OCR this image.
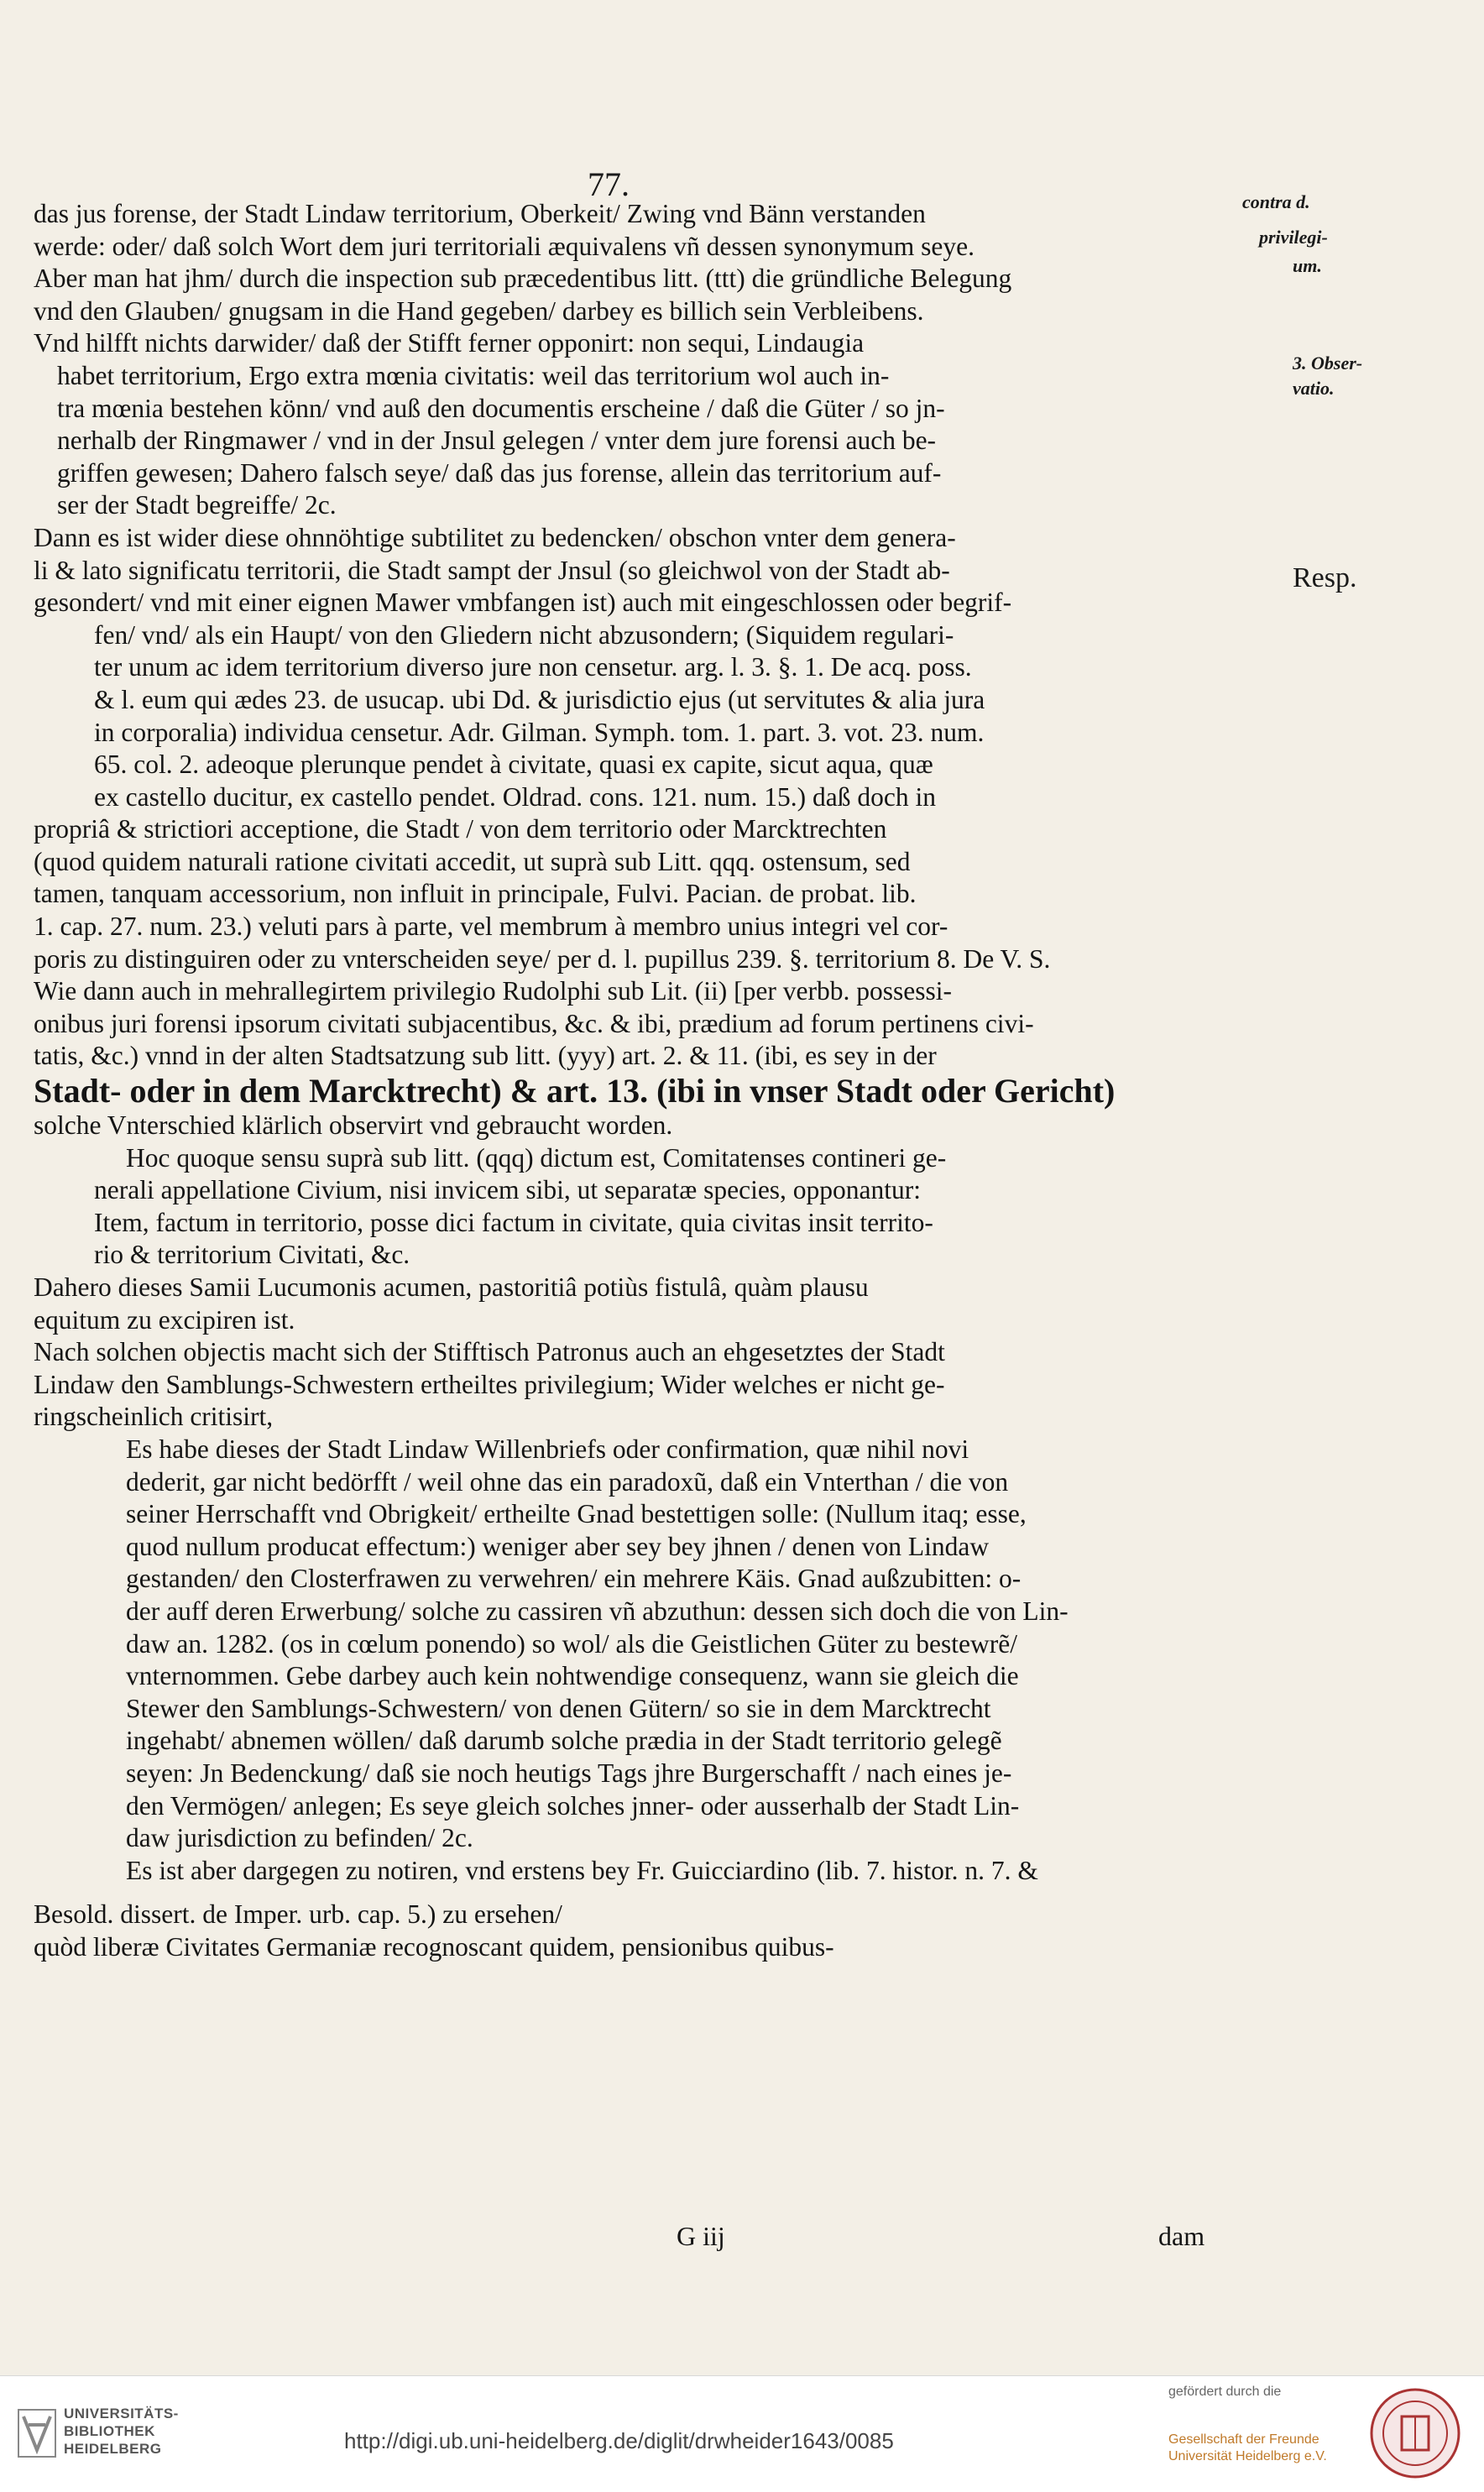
77.	contra d.
privilegi-
um.
3. Obser-
vatio.
Resp.
das jus forense, der Stadt Lindaw territorium, Oberkeit/ Zwing vnd Bänn verstanden
werde: oder/ daß solch Wort dem juri territoriali æquivalens vñ dessen synonymum seye.
Aber man hat jhm/ durch die inspection sub præcedentibus litt. (ttt) die gründliche Belegung
vnd den Glauben/ gnugsam in die Hand gegeben/ darbey es billich sein Verbleibens.
Vnd hilfft nichts darwider/ daß der Stifft ferner opponirt: non sequi, Lindaugia
habet territorium, Ergo extra mœnia civitatis: weil das territorium wol auch in-
tra mœnia bestehen könn/ vnd auß den documentis erscheine / daß die Güter / so jn-
nerhalb der Ringmawer / vnd in der Jnsul gelegen / vnter dem jure forensi auch be-
griffen gewesen; Dahero falsch seye/ daß das jus forense, allein das territorium auf-
ser der Stadt begreiffe/ 2c.
Dann es ist wider diese ohnnöhtige subtilitet zu bedencken/ obschon vnter dem genera-
li & lato significatu territorii, die Stadt sampt der Jnsul (so gleichwol von der Stadt ab-
gesondert/ vnd mit einer eignen Mawer vmbfangen ist) auch mit eingeschlossen oder begrif-
fen/ vnd/ als ein Haupt/ von den Gliedern nicht abzusondern; (Siquidem regulari-
ter unum ac idem territorium diverso jure non censetur. arg. l. 3. §. 1. De acq. poss.
& l. eum qui ædes 23. de usucap. ubi Dd. & jurisdictio ejus (ut servitutes & alia jura
in corporalia) individua censetur. Adr. Gilman. Symph. tom. 1. part. 3. vot. 23. num.
65. col. 2. adeoque plerunque pendet à civitate, quasi ex capite, sicut aqua, quæ
ex castello ducitur, ex castello pendet. Oldrad. cons. 121. num. 15.) daß doch in
propriâ & strictiori acceptione, die Stadt / von dem territorio oder Marcktrechten
(quod quidem naturali ratione civitati accedit, ut suprà sub Litt. qqq. ostensum, sed
tamen, tanquam accessorium, non influit in principale, Fulvi. Pacian. de probat. lib.
1. cap. 27. num. 23.) veluti pars à parte, vel membrum à membro unius integri vel cor-
poris zu distinguiren oder zu vnterscheiden seye/ per d. l. pupillus 239. §. territorium 8. De V. S.
Wie dann auch in mehrallegirtem privilegio Rudolphi sub Lit. (ii) [per verbb. possessi-
onibus juri forensi ipsorum civitati subjacentibus, &c. & ibi, prædium ad forum pertinens civi-
tatis, &c.) vnnd in der alten Stadtsatzung sub litt. (yyy) art. 2. & 11. (ibi, es sey in der
Stadt- oder in dem Marcktrecht) & art. 13. (ibi in vnser Stadt oder Gericht)
solche Vnterschied klärlich observirt vnd gebraucht worden.
Hoc quoque sensu suprà sub litt. (qqq) dictum est, Comitatenses contineri ge-
nerali appellatione Civium, nisi invicem sibi, ut separatæ species, opponantur:
Item, factum in territorio, posse dici factum in civitate, quia civitas insit territo-
rio & territorium Civitati, &c.
Dahero dieses Samii Lucumonis acumen, pastoritiâ potiùs fistulâ, quàm plausu
equitum zu excipiren ist.
Nach solchen objectis macht sich der Stifftisch Patronus auch an ehgesetztes der Stadt
Lindaw den Samblungs-Schwestern ertheiltes privilegium; Wider welches er nicht ge-
ringscheinlich critisirt,
Es habe dieses der Stadt Lindaw Willenbriefs oder confirmation, quæ nihil novi
dederit, gar nicht bedörfft / weil ohne das ein paradoxũ, daß ein Vnterthan / die von
seiner Herrschafft vnd Obrigkeit/ ertheilte Gnad bestettigen solle: (Nullum itaq; esse,
quod nullum producat effectum:) weniger aber sey bey jhnen / denen von Lindaw
gestanden/ den Closterfrawen zu verwehren/ ein mehrere Käis. Gnad außzubitten: o-
der auff deren Erwerbung/ solche zu cassiren vñ abzuthun: dessen sich doch die von Lin-
daw an. 1282. (os in cœlum ponendo) so wol/ als die Geistlichen Güter zu bestewrẽ/
vnternommen. Gebe darbey auch kein nohtwendige consequenz, wann sie gleich die
Stewer den Samblungs-Schwestern/ von denen Gütern/ so sie in dem Marcktrecht
ingehabt/ abnemen wöllen/ daß darumb solche prædia in der Stadt territorio gelegẽ
seyen: Jn Bedenckung/ daß sie noch heutigs Tags jhre Burgerschafft / nach eines je-
den Vermögen/ anlegen; Es seye gleich solches jnner- oder ausserhalb der Stadt Lin-
daw jurisdiction zu befinden/ 2c.
Es ist aber dargegen zu notiren, vnd erstens bey Fr. Guicciardino (lib. 7. histor. n. 7. &
Besold. dissert. de Imper. urb. cap. 5.) zu ersehen/
quòd liberæ Civitates Germaniæ recognoscant quidem, pensionibus quibus-
G iij	dam
UNIVERSITÄTS-
BIBLIOTHEK
HEIDELBERG	http://digi.ub.uni-heidelberg.de/diglit/drwheider1643/0085
gefördert durch die
Gesellschaft der Freunde
Universität Heidelberg e.V.
